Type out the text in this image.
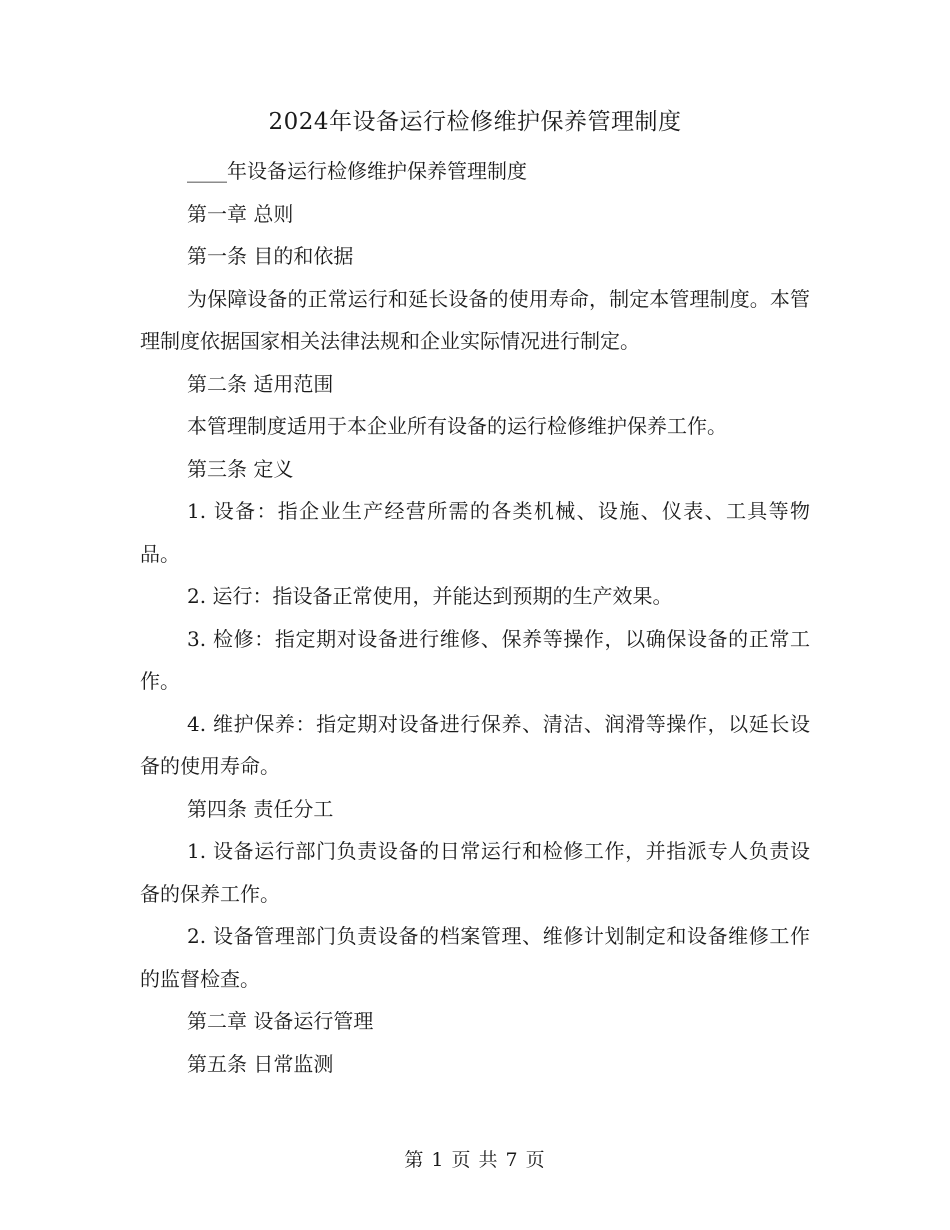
2024年设备运行检修维护保养管理制度

____年设备运行检修维护保养管理制度

第一章 总则

第一条 目的和依据

为保障设备的正常运行和延长设备的使用寿命，制定本管理制度。本管理制度依据国家相关法律法规和企业实际情况进行制定。

第二条 适用范围

本管理制度适用于本企业所有设备的运行检修维护保养工作。

第三条 定义

1. 设备：指企业生产经营所需的各类机械、设施、仪表、工具等物品。

2. 运行：指设备正常使用，并能达到预期的生产效果。

3. 检修：指定期对设备进行维修、保养等操作，以确保设备的正常工作。

4. 维护保养：指定期对设备进行保养、清洁、润滑等操作，以延长设备的使用寿命。

第四条 责任分工

1. 设备运行部门负责设备的日常运行和检修工作，并指派专人负责设备的保养工作。

2. 设备管理部门负责设备的档案管理、维修计划制定和设备维修工作的监督检查。

第二章 设备运行管理

第五条 日常监测

第 1 页 共 7 页
